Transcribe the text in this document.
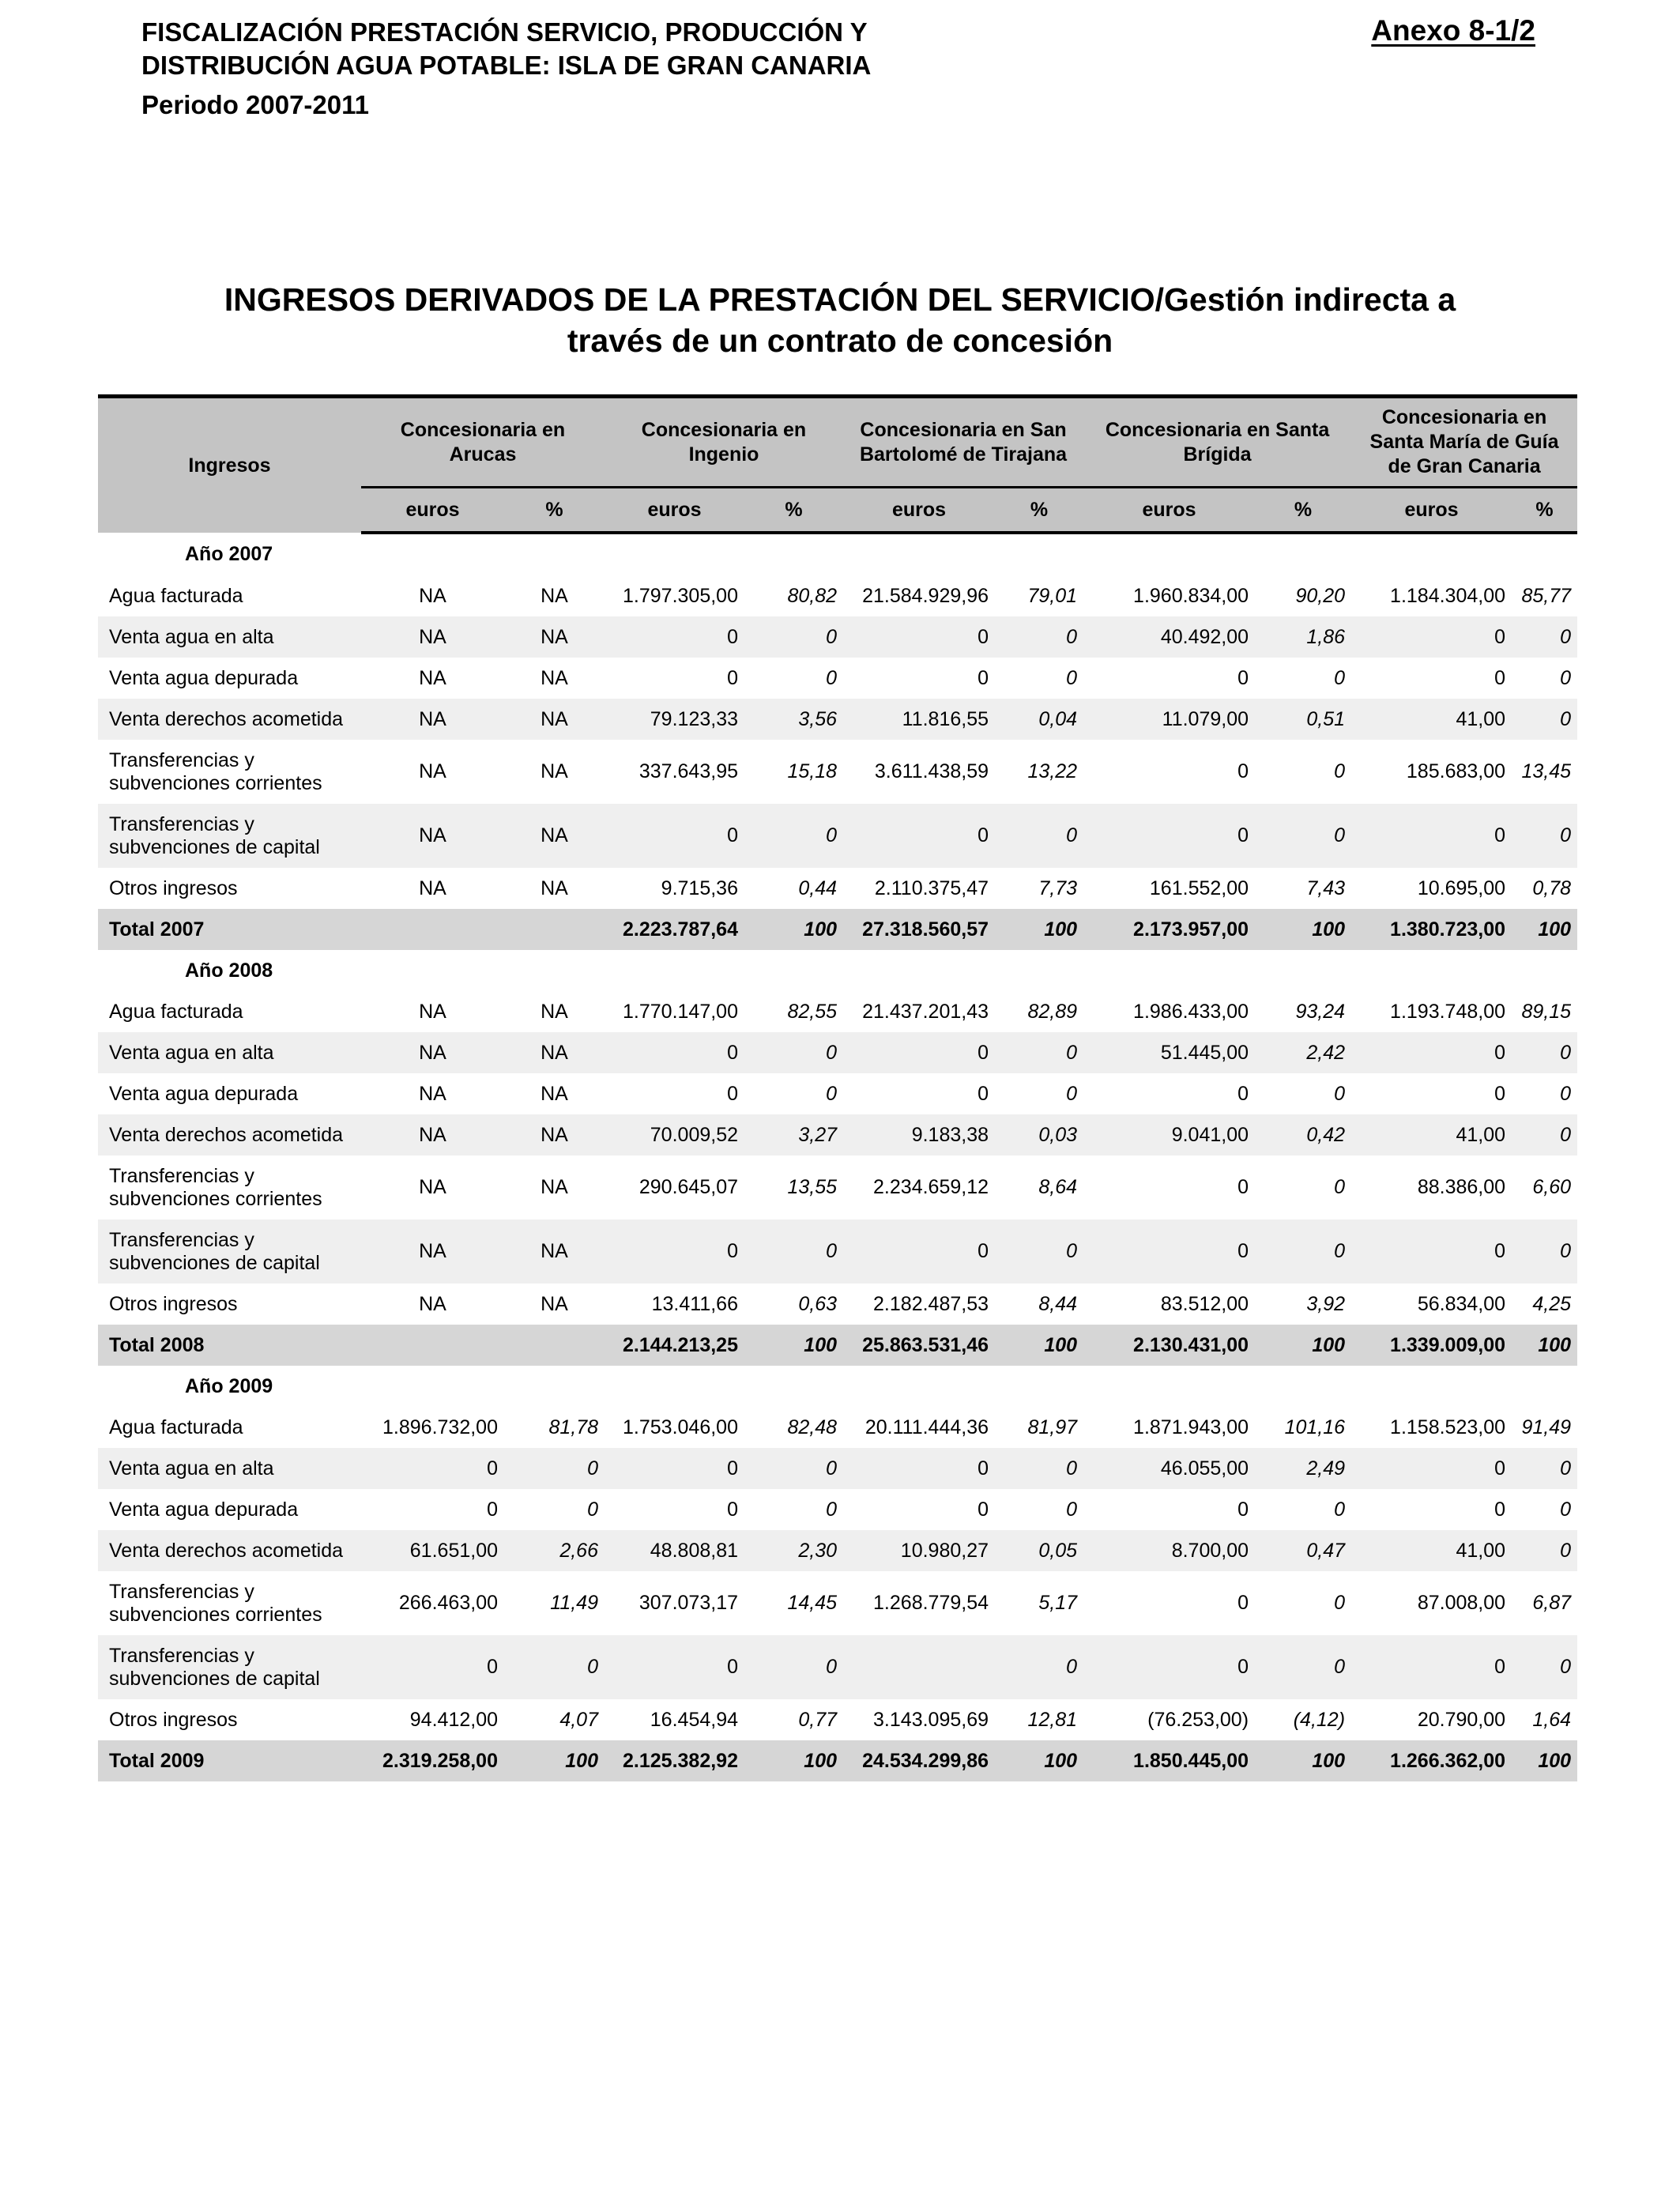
FISCALIZACIÓN PRESTACIÓN SERVICIO, PRODUCCIÓN Y
DISTRIBUCIÓN AGUA POTABLE: ISLA DE GRAN CANARIA
Periodo 2007-2011
Anexo 8-1/2
INGRESOS DERIVADOS DE LA PRESTACIÓN DEL SERVICIO/Gestión indirecta a
través de un contrato de concesión
Ingresos	Concesionaria en Arucas		Concesionaria en Ingenio		Concesionaria en San Bartolomé de Tirajana		Concesionaria en Santa Brígida		Concesionaria en Santa María de Guía de Gran Canaria	
	euros	%	euros	%	euros	%	euros	%	euros	%
Año 2007										
Agua facturada	NA	NA	1.797.305,00	80,82	21.584.929,96	79,01	1.960.834,00	90,20	1.184.304,00	85,77
Venta agua en alta	NA	NA	0	0	0	0	40.492,00	1,86	0	0
Venta agua depurada	NA	NA	0	0	0	0	0	0	0	0
Venta derechos acometida	NA	NA	79.123,33	3,56	11.816,55	0,04	11.079,00	0,51	41,00	0
Transferencias y subvenciones corrientes	NA	NA	337.643,95	15,18	3.611.438,59	13,22	0	0	185.683,00	13,45
Transferencias y subvenciones de capital	NA	NA	0	0	0	0	0	0	0	0
Otros ingresos	NA	NA	9.715,36	0,44	2.110.375,47	7,73	161.552,00	7,43	10.695,00	0,78
Total 2007			2.223.787,64	100	27.318.560,57	100	2.173.957,00	100	1.380.723,00	100
Año 2008										
Agua facturada	NA	NA	1.770.147,00	82,55	21.437.201,43	82,89	1.986.433,00	93,24	1.193.748,00	89,15
Venta agua en alta	NA	NA	0	0	0	0	51.445,00	2,42	0	0
Venta agua depurada	NA	NA	0	0	0	0	0	0	0	0
Venta derechos acometida	NA	NA	70.009,52	3,27	9.183,38	0,03	9.041,00	0,42	41,00	0
Transferencias y subvenciones corrientes	NA	NA	290.645,07	13,55	2.234.659,12	8,64	0	0	88.386,00	6,60
Transferencias y subvenciones de capital	NA	NA	0	0	0	0	0	0	0	0
Otros ingresos	NA	NA	13.411,66	0,63	2.182.487,53	8,44	83.512,00	3,92	56.834,00	4,25
Total 2008			2.144.213,25	100	25.863.531,46	100	2.130.431,00	100	1.339.009,00	100
Año 2009										
Agua facturada	1.896.732,00	81,78	1.753.046,00	82,48	20.111.444,36	81,97	1.871.943,00	101,16	1.158.523,00	91,49
Venta agua en alta	0	0	0	0	0	0	46.055,00	2,49	0	0
Venta agua depurada	0	0	0	0	0	0	0	0	0	0
Venta derechos acometida	61.651,00	2,66	48.808,81	2,30	10.980,27	0,05	8.700,00	0,47	41,00	0
Transferencias y subvenciones corrientes	266.463,00	11,49	307.073,17	14,45	1.268.779,54	5,17	0	0	87.008,00	6,87
Transferencias y subvenciones de capital	0	0	0	0		0	0	0	0	0
Otros ingresos	94.412,00	4,07	16.454,94	0,77	3.143.095,69	12,81	(76.253,00)	(4,12)	20.790,00	1,64
Total 2009	2.319.258,00	100	2.125.382,92	100	24.534.299,86	100	1.850.445,00	100	1.266.362,00	100
